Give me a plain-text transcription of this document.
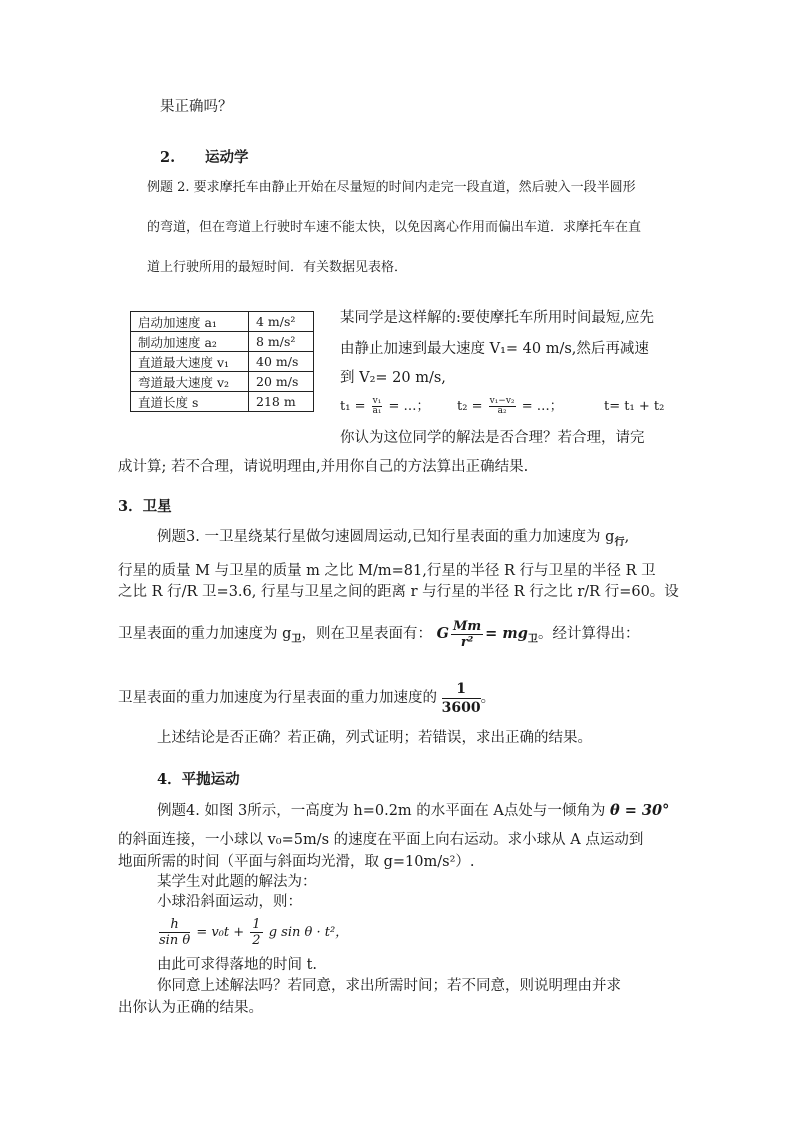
果正确吗？
2. 运动学
例题 2. 要求摩托车由静止开始在尽量短的时间内走完一段直道，然后驶入一段半圆形
的弯道，但在弯道上行驶时车速不能太快，以免因离心作用而偏出车道．求摩托车在直
道上行驶所用的最短时间．有关数据见表格．
启动加速度 a₁	4 m/s²
制动加速度 a₂	8 m/s²
直道最大速度 v₁	40 m/s
弯道最大速度 v₂	20 m/s
直道长度 s	218 m
某同学是这样解的:要使摩托车所用时间最短,应先
由静止加速到最大速度 V₁= 40 m/s,然后再减速
到 V₂= 20 m/s,
$t_1 = \frac{\text{v₁}}{\text{a₁}}$ = …； $t_2 = \frac{\text{v₁−v₂}}{\text{a₂}}$ = …；	t= t₁ + t₂
你认为这位同学的解法是否合理？若合理，请完
成计算; 若不合理，请说明理由,并用你自己的方法算出正确结果.
3．卫星
例题3. 一卫星绕某行星做匀速圆周运动,已知行星表面的重力加速度为 $g_行$,
行星的质量 M 与卫星的质量 m 之比 M/m=81,行星的半径 R 行与卫星的半径 R 卫
之比 R 行/R 卫=3.6, 行星与卫星之间的距离 r 与行星的半径 R 行之比 r/R 行=60。设
卫星表面的重力加速度为 $g_卫$，则在卫星表面有： G $\frac{Mm}{\text{r²}} = mg_卫$。经计算得出：
卫星表面的重力加速度为行星表面的重力加速度的 $\frac{1}{3600}$ 。
上述结论是否正确？若正确，列式证明；若错误，求出正确的结果。
4．平抛运动
例题4. 如图 3所示，一高度为 h=0.2m 的水平面在 A点处与一倾角为 θ = 30°
的斜面连接，一小球以 v₀=5m/s 的速度在平面上向右运动。求小球从 A 点运动到
地面所需的时间（平面与斜面均光滑，取 g=10m/s²）.
某学生对此题的解法为：
小球沿斜面运动，则：
$\frac{h}{\text{sin θ}} = v_0t + \frac{1}{2}$ g sin θ · t²，
由此可求得落地的时间 t.
你同意上述解法吗？若同意，求出所需时间；若不同意，则说明理由并求
出你认为正确的结果。
